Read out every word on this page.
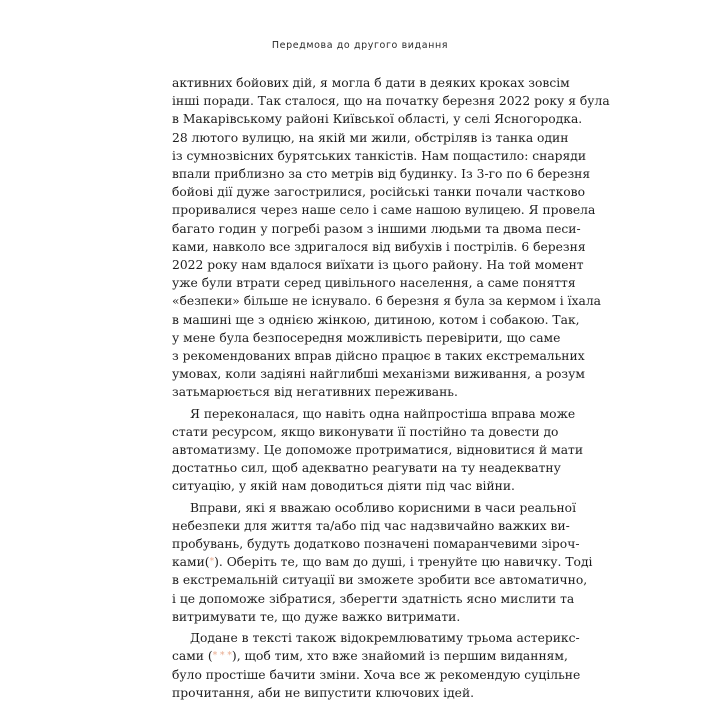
Передмова до другого видання
активних бойових дій, я могла б дати в деяких кроках зовсім
інші поради. Так сталося, що на початку березня 2022 року я була
в Макарівському районі Київської області, у селі Ясногородка.
28 лютого вулицю, на якій ми жили, обстріляв із танка один
із сумнозвісних бурятських танкістів. Нам пощастило: снаряди
впали приблизно за сто метрів від будинку. Із 3-го по 6 березня
бойові дії дуже загострилися, російські танки почали частково
проривалися через наше село і саме нашою вулицею. Я провела
багато годин у погребі разом з іншими людьми та двома песи-
ками, навколо все здригалося від вибухів і пострілів. 6 березня
2022 року нам вдалося виїхати із цього району. На той момент
уже були втрати серед цивільного населення, а саме поняття
«безпеки» більше не існувало. 6 березня я була за кермом і їхала
в машині ще з однією жінкою, дитиною, котом і собакою. Так,
у мене була безпосередня можливість перевірити, що саме
з рекомендованих вправ дійсно працює в таких екстремальних
умовах, коли задіяні найглибші механізми виживання, а розум
затьмарюється від негативних переживань.
Я переконалася, що навіть одна найпростіша вправа може
стати ресурсом, якщо виконувати її постійно та довести до
автоматизму. Це допоможе протриматися, відновитися й мати
достатньо сил, щоб адекватно реагувати на ту неадекватну
ситуацію, у якій нам доводиться діяти під час війни.
Вправи, які я вважаю особливо корисними в часи реальної
небезпеки для життя та/або під час надзвичайно важких ви-
пробувань, будуть додатково позначені помаранчевими зіроч-
ками(*). Оберіть те, що вам до душі, і тренуйте цю навичку. Тоді
в екстремальній ситуації ви зможете зробити все автоматично,
і це допоможе зібратися, зберегти здатність ясно мислити та
витримувати те, що дуже важко витримати.
Додане в тексті також відокремлюватиму трьома астерикс-
сами (* * *), щоб тим, хто вже знайомий із першим виданням,
було простіше бачити зміни. Хоча все ж рекомендую суцільне
прочитання, аби не випустити ключових ідей.
